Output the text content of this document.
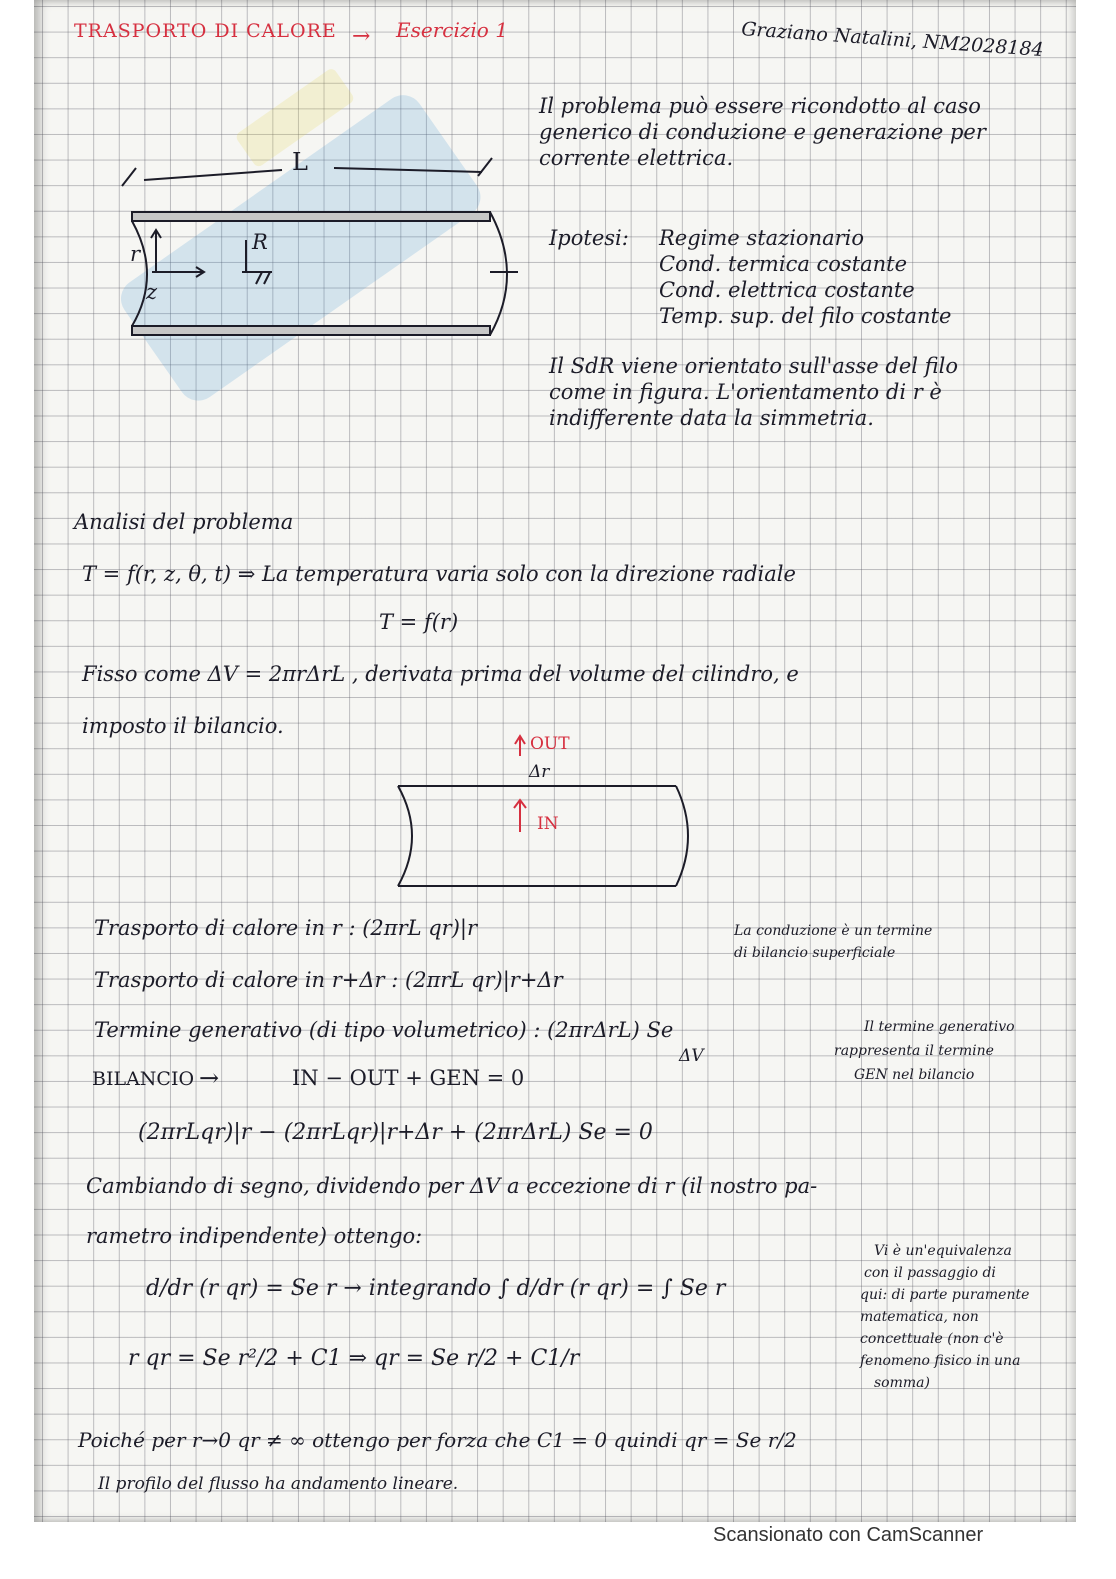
TRASPORTO DI CALORE → Esercizio 1	Graziano Natalini, NM2028184
Il problema può essere ricondotto al caso
generico di conduzione e generazione per
corrente elettrica.
Ipotesi: Regime stazionario
Cond. termica costante
Cond. elettrica costante
Temp. sup. del filo costante
Il SdR viene orientato sull'asse del filo
come in figura. L'orientamento di r è
indifferente data la simmetria.
L
r	R
z
Analisi del problema
T = f(r, z, θ, t) ⇒ La temperatura varia solo con la direzione radiale
T = f(r)
Fisso come ΔV = 2πrΔrL , derivata prima del volume del cilindro, e
imposto il bilancio.
OUT
Δr
IN
Trasporto di calore in r : (2πrL qr)|r
Trasporto di calore in r+Δr : (2πrL qr)|r+Δr
Termine generativo (di tipo volumetrico) : (2πrΔrL) Se
ΔV
La conduzione è un termine
di bilancio superficiale
Il termine generativo
rappresenta il termine
GEN nel bilancio
BILANCIO →	IN − OUT + GEN = 0
(2πrLqr)|r − (2πrLqr)|r+Δr + (2πrΔrL) Se = 0
Cambiando di segno, dividendo per ΔV a eccezione di r (il nostro pa-
rametro indipendente) ottengo:
d/dr (r qr) = Se r → integrando ∫ d/dr (r qr) = ∫ Se r
Vi è un'equivalenza
con il passaggio di
qui: di parte puramente
matematica, non
concettuale (non c'è
fenomeno fisico in una
somma)
r qr = Se r²/2 + C1 ⇒ qr = Se r/2 + C1/r
Poiché per r→0 qr ≠ ∞ ottengo per forza che C1 = 0 quindi qr = Se r/2
Il profilo del flusso ha andamento lineare.
Scansionato con CamScanner
